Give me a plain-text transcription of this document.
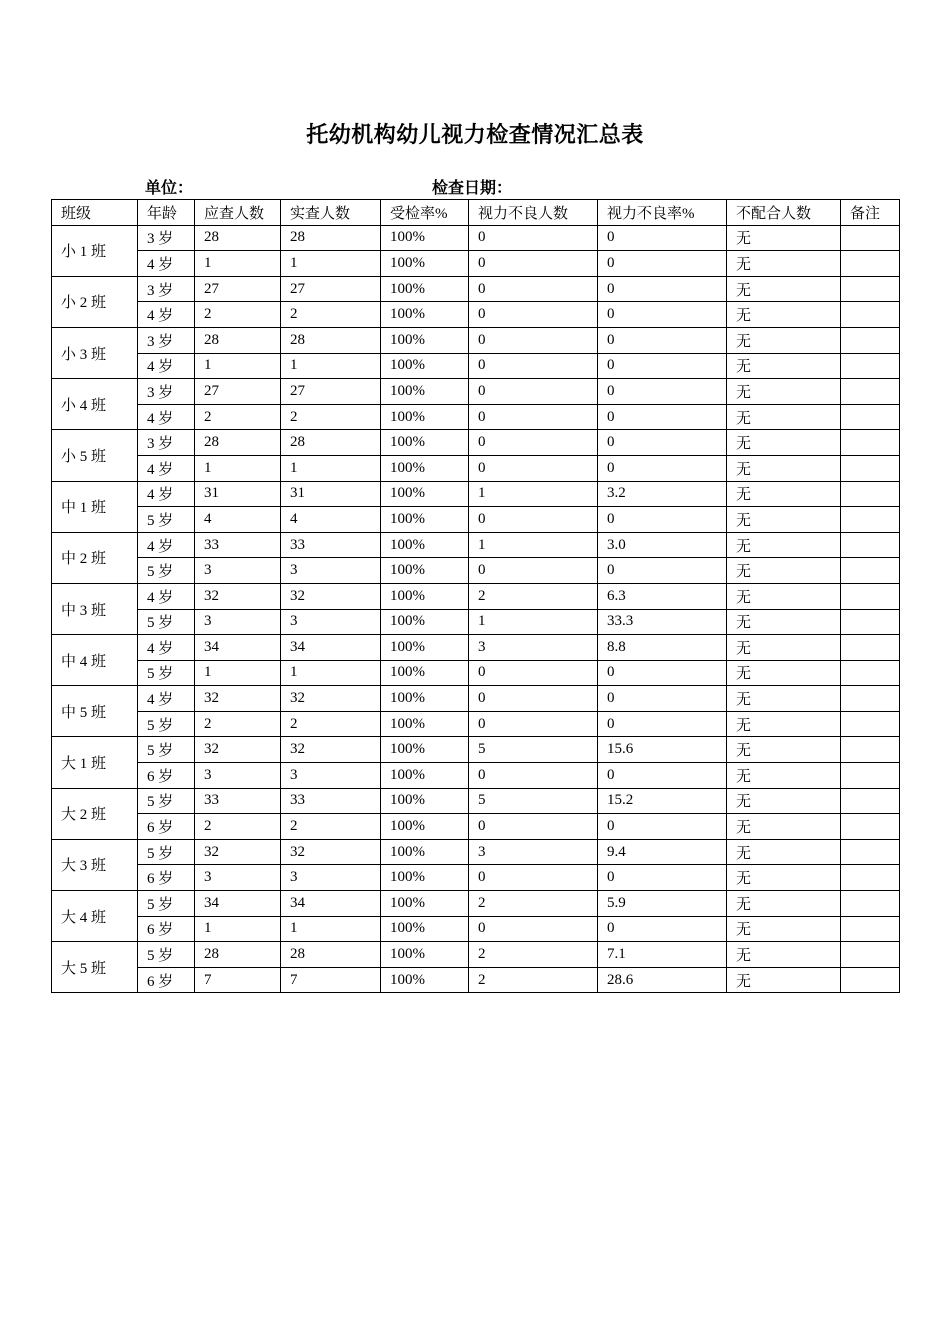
托幼机构幼儿视力检查情况汇总表
单位：	检查日期：
班级	年龄	应查人数	实查人数	受检率%	视力不良人数	视力不良率%	不配合人数	备注
小 1 班	3 岁	28	28	100%	0	0	无	
	4 岁	1	1	100%	0	0	无	
小 2 班	3 岁	27	27	100%	0	0	无	
	4 岁	2	2	100%	0	0	无	
小 3 班	3 岁	28	28	100%	0	0	无	
	4 岁	1	1	100%	0	0	无	
小 4 班	3 岁	27	27	100%	0	0	无	
	4 岁	2	2	100%	0	0	无	
小 5 班	3 岁	28	28	100%	0	0	无	
	4 岁	1	1	100%	0	0	无	
中 1 班	4 岁	31	31	100%	1	3.2	无	
	5 岁	4	4	100%	0	0	无	
中 2 班	4 岁	33	33	100%	1	3.0	无	
	5 岁	3	3	100%	0	0	无	
中 3 班	4 岁	32	32	100%	2	6.3	无	
	5 岁	3	3	100%	1	33.3	无	
中 4 班	4 岁	34	34	100%	3	8.8	无	
	5 岁	1	1	100%	0	0	无	
中 5 班	4 岁	32	32	100%	0	0	无	
	5 岁	2	2	100%	0	0	无	
大 1 班	5 岁	32	32	100%	5	15.6	无	
	6 岁	3	3	100%	0	0	无	
大 2 班	5 岁	33	33	100%	5	15.2	无	
	6 岁	2	2	100%	0	0	无	
大 3 班	5 岁	32	32	100%	3	9.4	无	
	6 岁	3	3	100%	0	0	无	
大 4 班	5 岁	34	34	100%	2	5.9	无	
	6 岁	1	1	100%	0	0	无	
大 5 班	5 岁	28	28	100%	2	7.1	无	
	6 岁	7	7	100%	2	28.6	无	
